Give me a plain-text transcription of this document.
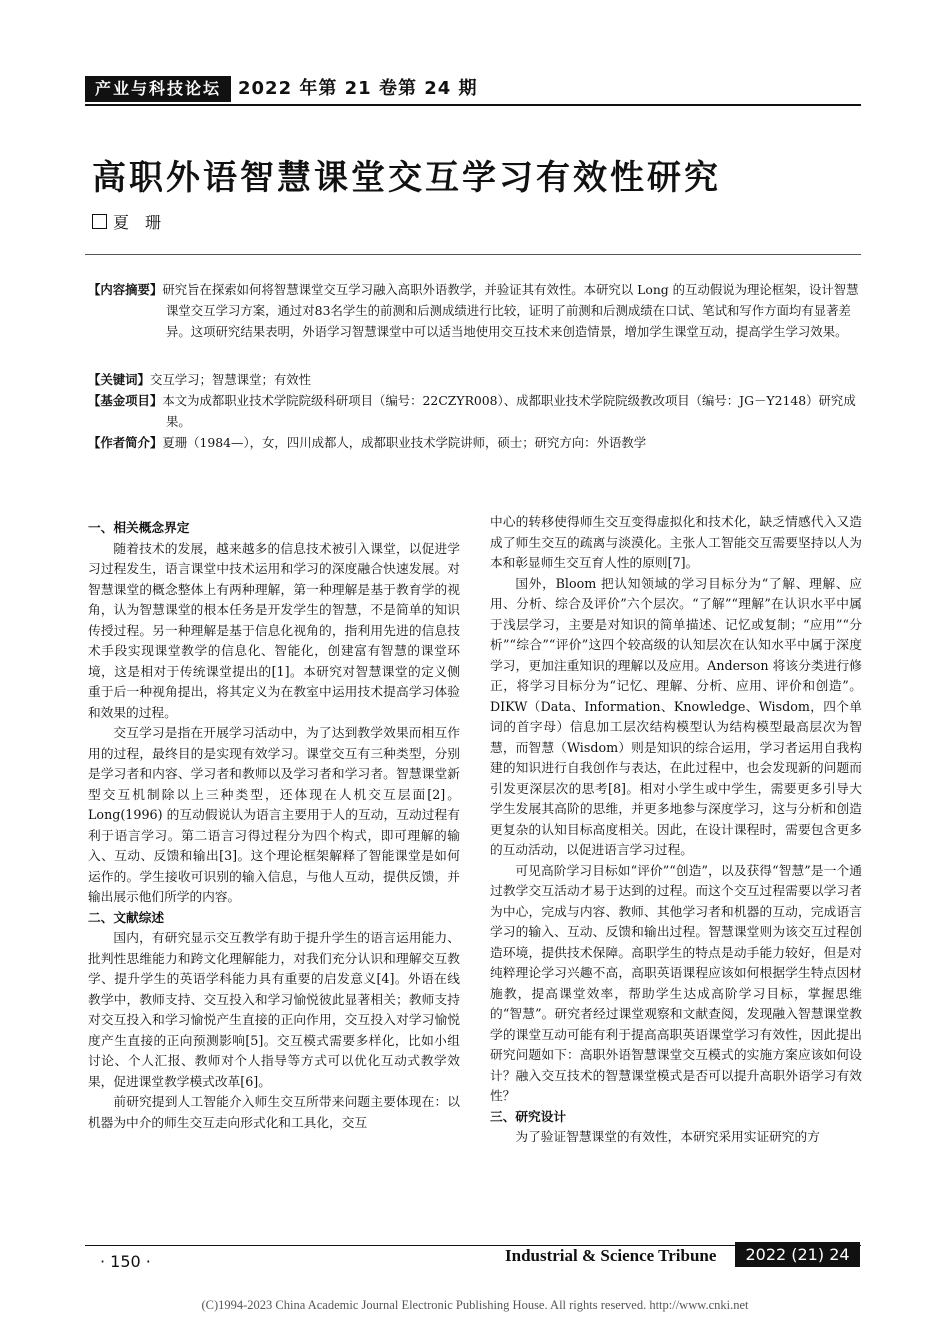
产业与科技论坛 2022 年第 21 卷第 24 期
高职外语智慧课堂交互学习有效性研究
夏　珊
【内容摘要】研究旨在探索如何将智慧课堂交互学习融入高职外语教学，并验证其有效性。本研究以 Long 的互动假说为理论框架，设计智慧课堂交互学习方案，通过对83名学生的前测和后测成绩进行比较，证明了前测和后测成绩在口试、笔试和写作方面均有显著差异。这项研究结果表明，外语学习智慧课堂中可以适当地使用交互技术来创造情景，增加学生课堂互动，提高学生学习效果。
【关键词】交互学习；智慧课堂；有效性
【基金项目】本文为成都职业技术学院院级科研项目（编号：22CZYR008）、成都职业技术学院院级教改项目（编号：JG－Y2148）研究成果。
【作者简介】夏珊（1984—），女，四川成都人，成都职业技术学院讲师，硕士；研究方向：外语教学

一、相关概念界定

随着技术的发展，越来越多的信息技术被引入课堂，以促进学习过程发生，语言课堂中技术运用和学习的深度融合快速发展。对智慧课堂的概念整体上有两种理解，第一种理解是基于教育学的视角，认为智慧课堂的根本任务是开发学生的智慧，不是简单的知识传授过程。另一种理解是基于信息化视角的，指利用先进的信息技术手段实现课堂教学的信息化、智能化，创建富有智慧的课堂环境，这是相对于传统课堂提出的[1]。本研究对智慧课堂的定义侧重于后一种视角提出，将其定义为在教室中运用技术提高学习体验和效果的过程。

交互学习是指在开展学习活动中，为了达到教学效果而相互作用的过程，最终目的是实现有效学习。课堂交互有三种类型，分别是学习者和内容、学习者和教师以及学习者和学习者。智慧课堂新型交互机制除以上三种类型，还体现在人机交互层面[2]。Long(1996) 的互动假说认为语言主要用于人的互动，互动过程有利于语言学习。第二语言习得过程分为四个构式，即可理解的输入、互动、反馈和输出[3]。这个理论框架解释了智能课堂是如何运作的。学生接收可识别的输入信息，与他人互动，提供反馈，并输出展示他们所学的内容。

二、文献综述

国内，有研究显示交互教学有助于提升学生的语言运用能力、批判性思维能力和跨文化理解能力，对我们充分认识和理解交互教学、提升学生的英语学科能力具有重要的启发意义[4]。外语在线教学中，教师支持、交互投入和学习愉悦彼此显著相关；教师支持对交互投入和学习愉悦产生直接的正向作用，交互投入对学习愉悦度产生直接的正向预测影响[5]。交互模式需要多样化，比如小组讨论、个人汇报、教师对个人指导等方式可以优化互动式教学效果，促进课堂教学模式改革[6]。

前研究提到人工智能介入师生交互所带来问题主要体现在：以机器为中介的师生交互走向形式化和工具化，交互

中心的转移使得师生交互变得虚拟化和技术化，缺乏情感代入又造成了师生交互的疏离与淡漠化。主张人工智能交互需要坚持以人为本和彰显师生交互育人性的原则[7]。

国外，Bloom 把认知领域的学习目标分为“了解、理解、应用、分析、综合及评价”六个层次。“了解”“理解”在认识水平中属于浅层学习，主要是对知识的简单描述、记忆或复制；“应用”“分析”“综合”“评价”这四个较高级的认知层次在认知水平中属于深度学习，更加注重知识的理解以及应用。Anderson 将该分类进行修正，将学习目标分为“记忆、理解、分析、应用、评价和创造”。DIKW（Data、Information、Knowledge、Wisdom，四个单词的首字母）信息加工层次结构模型认为结构模型最高层次为智慧，而智慧（Wisdom）则是知识的综合运用，学习者运用自我构建的知识进行自我创作与表达，在此过程中，也会发现新的问题而引发更深层次的思考[8]。相对小学生或中学生，需要更多引导大学生发展其高阶的思维，并更多地参与深度学习，这与分析和创造更复杂的认知目标高度相关。因此，在设计课程时，需要包含更多的互动活动，以促进语言学习过程。

可见高阶学习目标如“评价”“创造”，以及获得“智慧”是一个通过教学交互活动才易于达到的过程。而这个交互过程需要以学习者为中心，完成与内容、教师、其他学习者和机器的互动，完成语言学习的输入、互动、反馈和输出过程。智慧课堂则为该交互过程创造环境，提供技术保障。高职学生的特点是动手能力较好，但是对纯粹理论学习兴趣不高，高职英语课程应该如何根据学生特点因材施教，提高课堂效率，帮助学生达成高阶学习目标，掌握思维的“智慧”。研究者经过课堂观察和文献查阅，发现融入智慧课堂教学的课堂互动可能有利于提高高职英语课堂学习有效性，因此提出研究问题如下：高职外语智慧课堂交互模式的实施方案应该如何设计？融入交互技术的智慧课堂模式是否可以提升高职外语学习有效性？

三、研究设计

为了验证智慧课堂的有效性，本研究采用实证研究的方

· 150 ·	Industrial & Science Tribune	2022 (21) 24
(C)1994-2023 China Academic Journal Electronic Publishing House. All rights reserved. http://www.cnki.net
